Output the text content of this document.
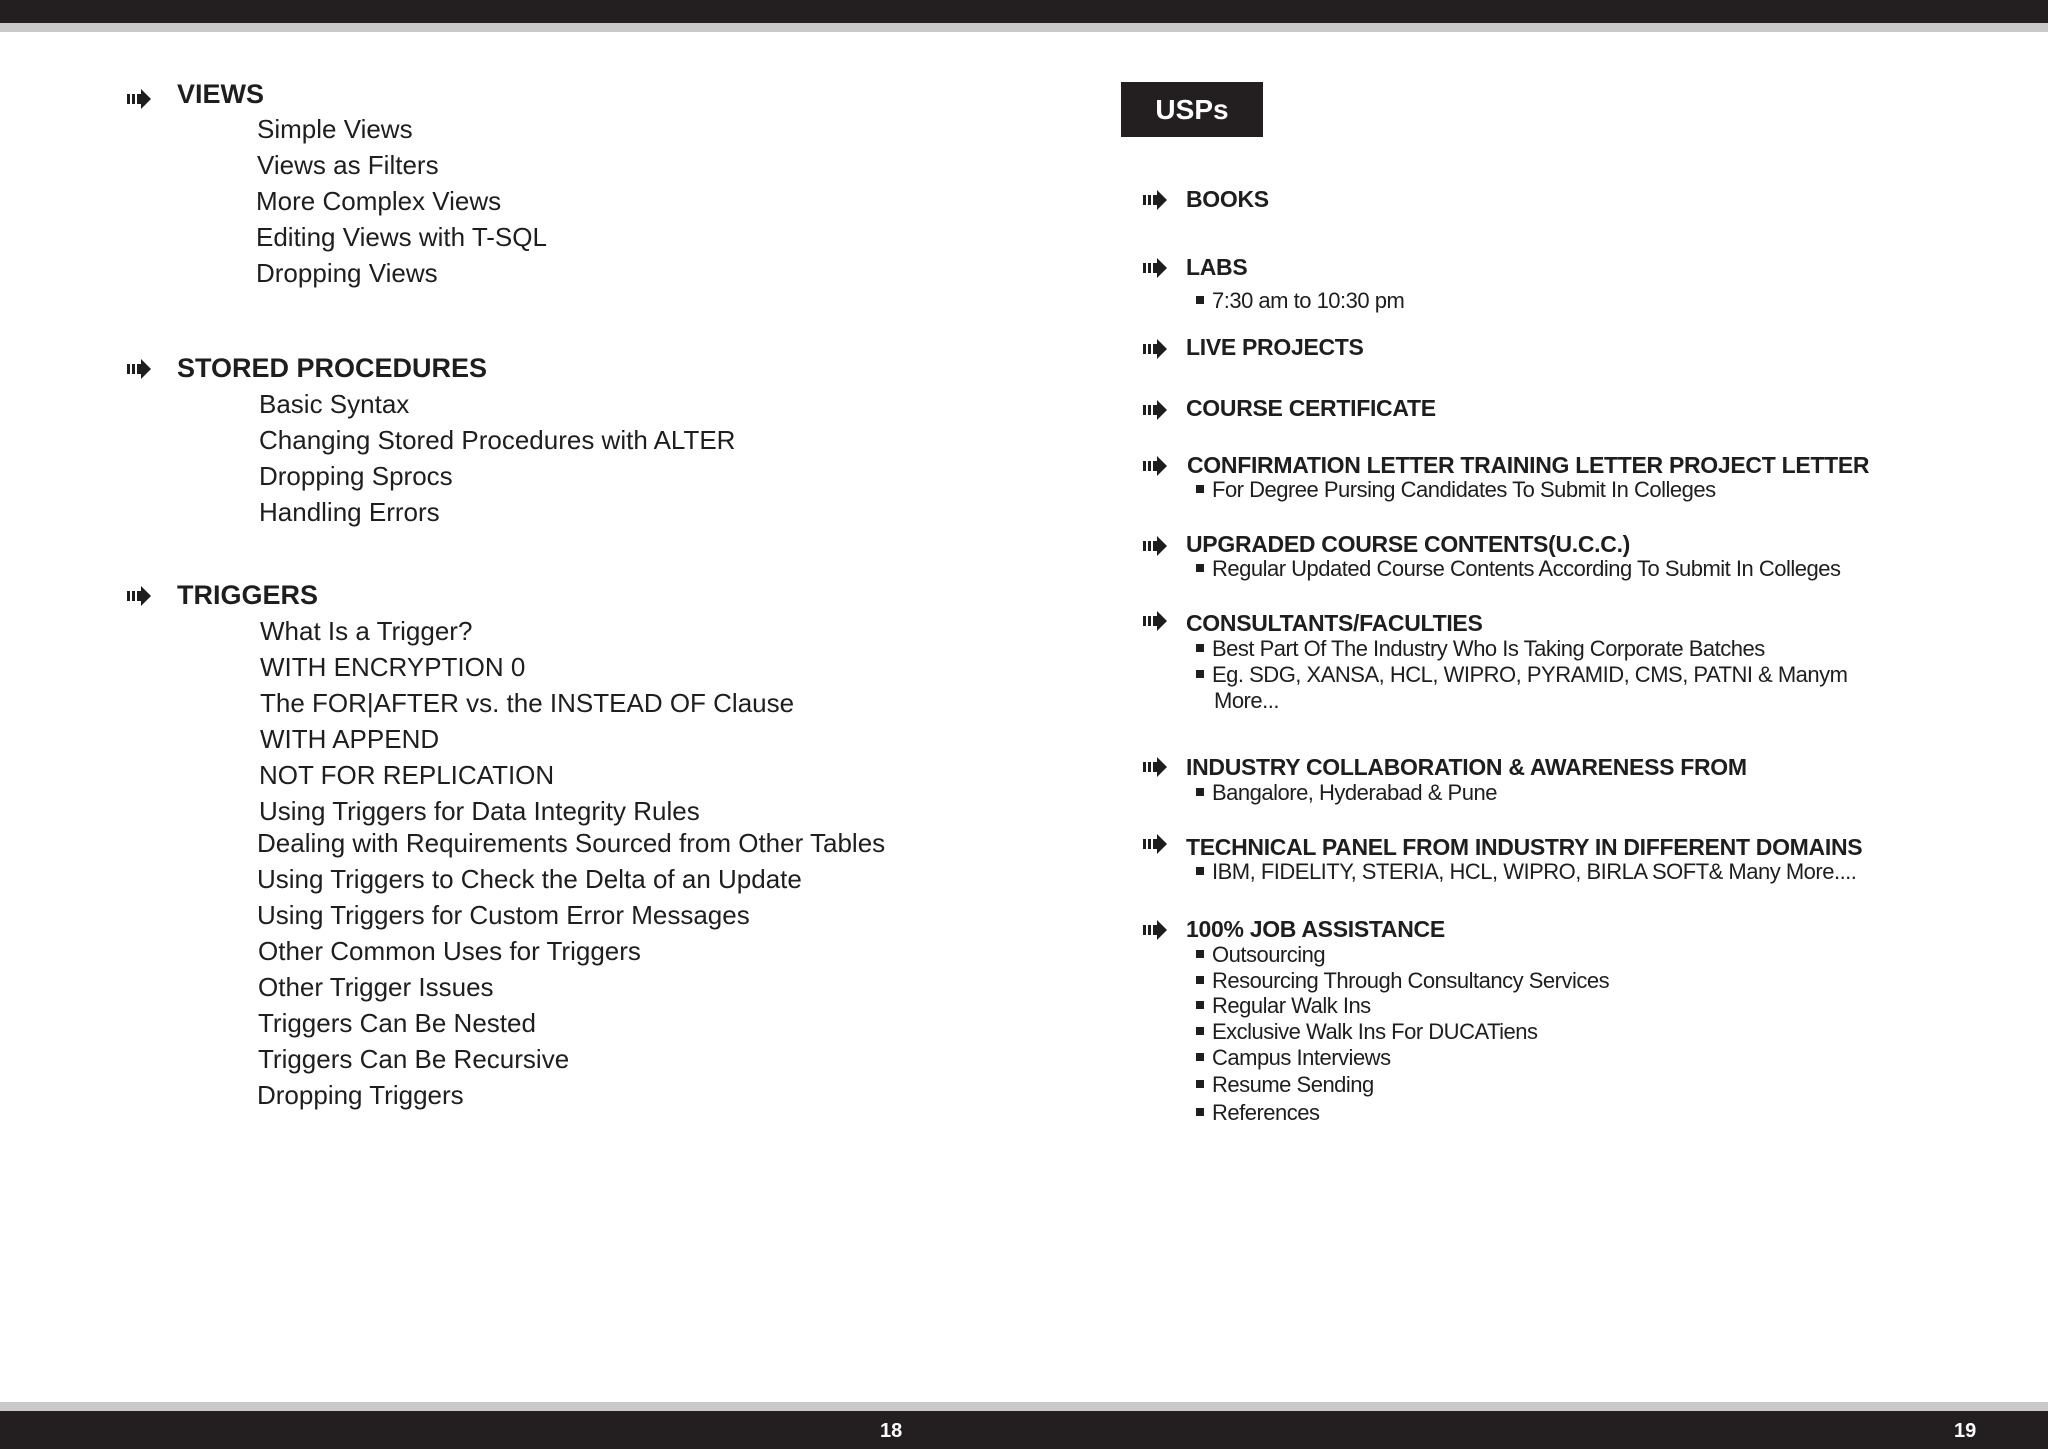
VIEWS
Simple Views
Views as Filters
More Complex Views
Editing Views with T-SQL
Dropping Views
STORED PROCEDURES
Basic Syntax
Changing Stored Procedures with ALTER
Dropping Sprocs
Handling Errors
TRIGGERS
What Is a Trigger?
WITH ENCRYPTION 0
The FOR|AFTER vs. the INSTEAD OF Clause
WITH APPEND
NOT FOR REPLICATION
Using Triggers for Data Integrity Rules
Dealing with Requirements Sourced from Other Tables
Using Triggers to Check the Delta of an Update
Using Triggers for Custom Error Messages
Other Common Uses for Triggers
Other Trigger Issues
Triggers Can Be Nested
Triggers Can Be Recursive
Dropping Triggers
USPs
BOOKS
LABS
7:30 am to 10:30 pm
LIVE PROJECTS
COURSE CERTIFICATE
CONFIRMATION LETTER TRAINING LETTER PROJECT LETTER
For Degree Pursing Candidates To Submit In Colleges
UPGRADED COURSE CONTENTS(U.C.C.)
Regular Updated Course Contents According To Submit In Colleges
CONSULTANTS/FACULTIES
Best Part Of The Industry Who Is Taking Corporate Batches
Eg. SDG, XANSA, HCL, WIPRO, PYRAMID, CMS, PATNI & Manym
More...
INDUSTRY COLLABORATION & AWARENESS FROM
Bangalore, Hyderabad & Pune
TECHNICAL PANEL FROM INDUSTRY IN DIFFERENT DOMAINS
IBM, FIDELITY, STERIA, HCL, WIPRO, BIRLA SOFT& Many More....
100% JOB ASSISTANCE
Outsourcing
Resourcing Through Consultancy Services
Regular Walk Ins
Exclusive Walk Ins For DUCATiens
Campus Interviews
Resume Sending
References
18	19
